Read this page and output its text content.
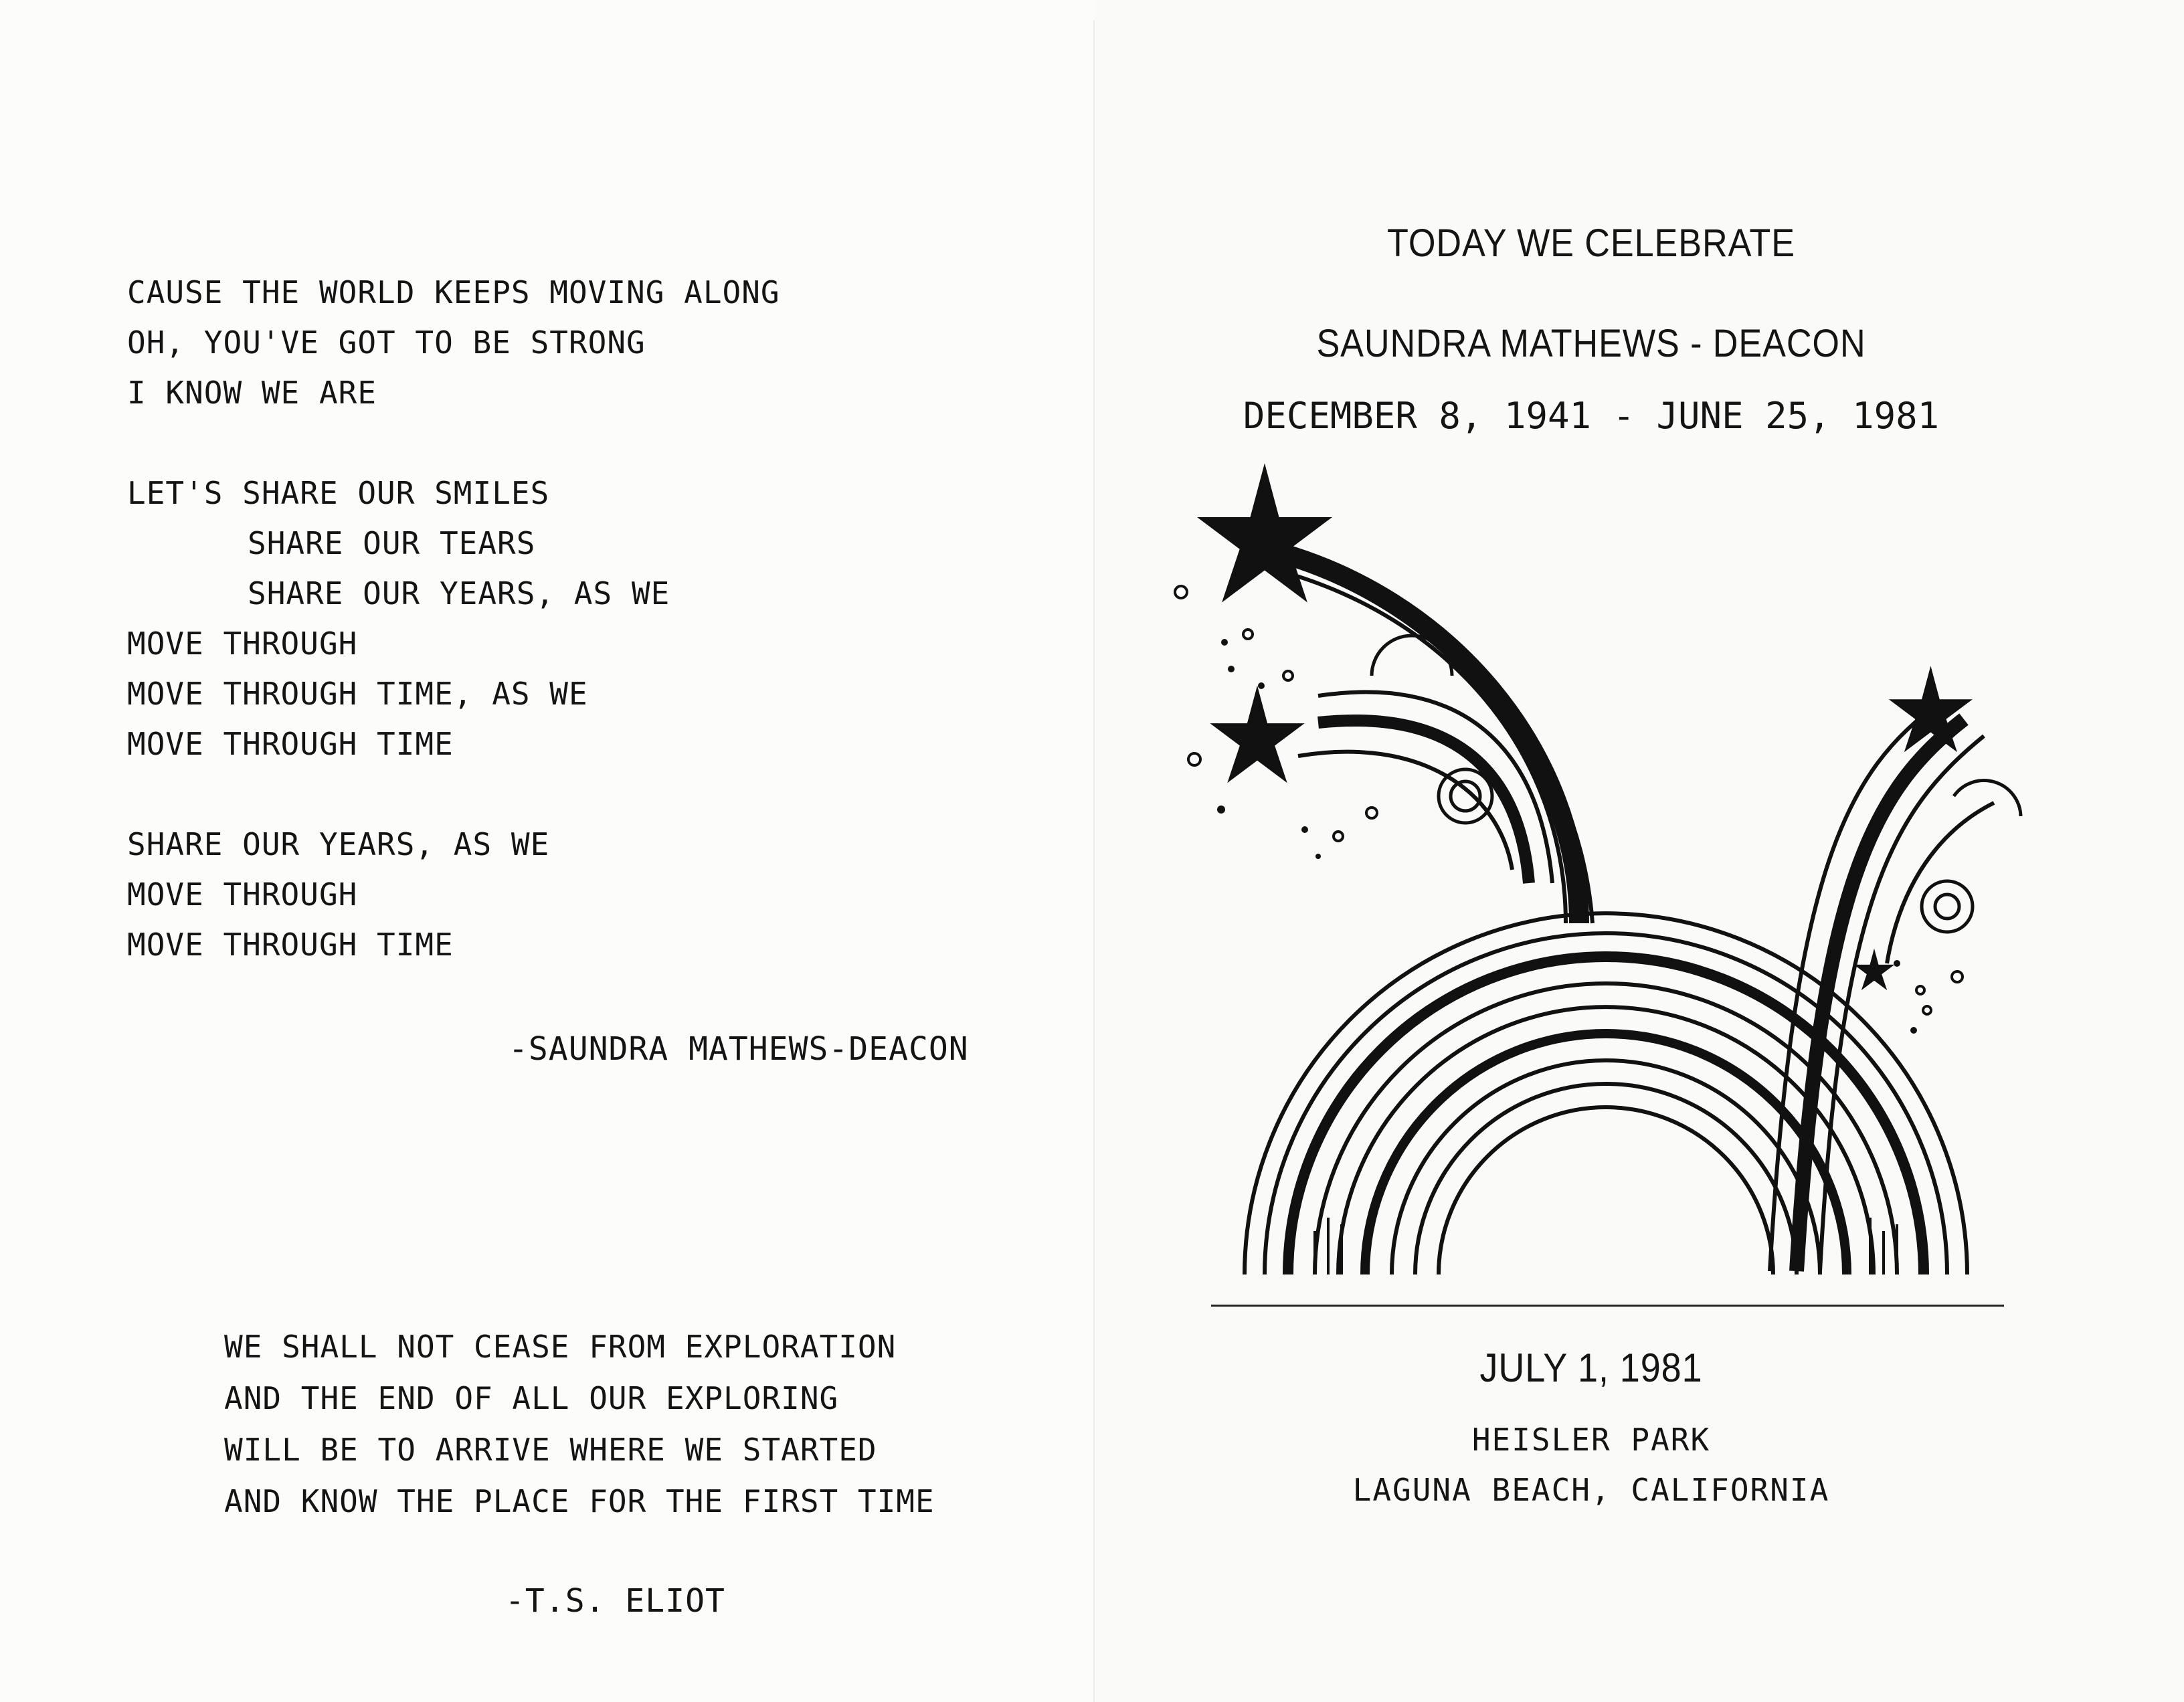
CAUSE THE WORLD KEEPS MOVING ALONG
OH, YOU'VE GOT TO BE STRONG
I KNOW WE ARE
LET'S SHARE OUR SMILES
SHARE OUR TEARS
SHARE OUR YEARS, AS WE
MOVE THROUGH
MOVE THROUGH TIME, AS WE
MOVE THROUGH TIME
SHARE OUR YEARS, AS WE
MOVE THROUGH
MOVE THROUGH TIME
-SAUNDRA MATHEWS-DEACON
WE SHALL NOT CEASE FROM EXPLORATION
AND THE END OF ALL OUR EXPLORING
WILL BE TO ARRIVE WHERE WE STARTED
AND KNOW THE PLACE FOR THE FIRST TIME
-T.S. ELIOT
TODAY WE CELEBRATE
SAUNDRA MATHEWS - DEACON
DECEMBER 8, 1941 - JUNE 25, 1981
JULY 1, 1981
HEISLER PARK
LAGUNA BEACH, CALIFORNIA
